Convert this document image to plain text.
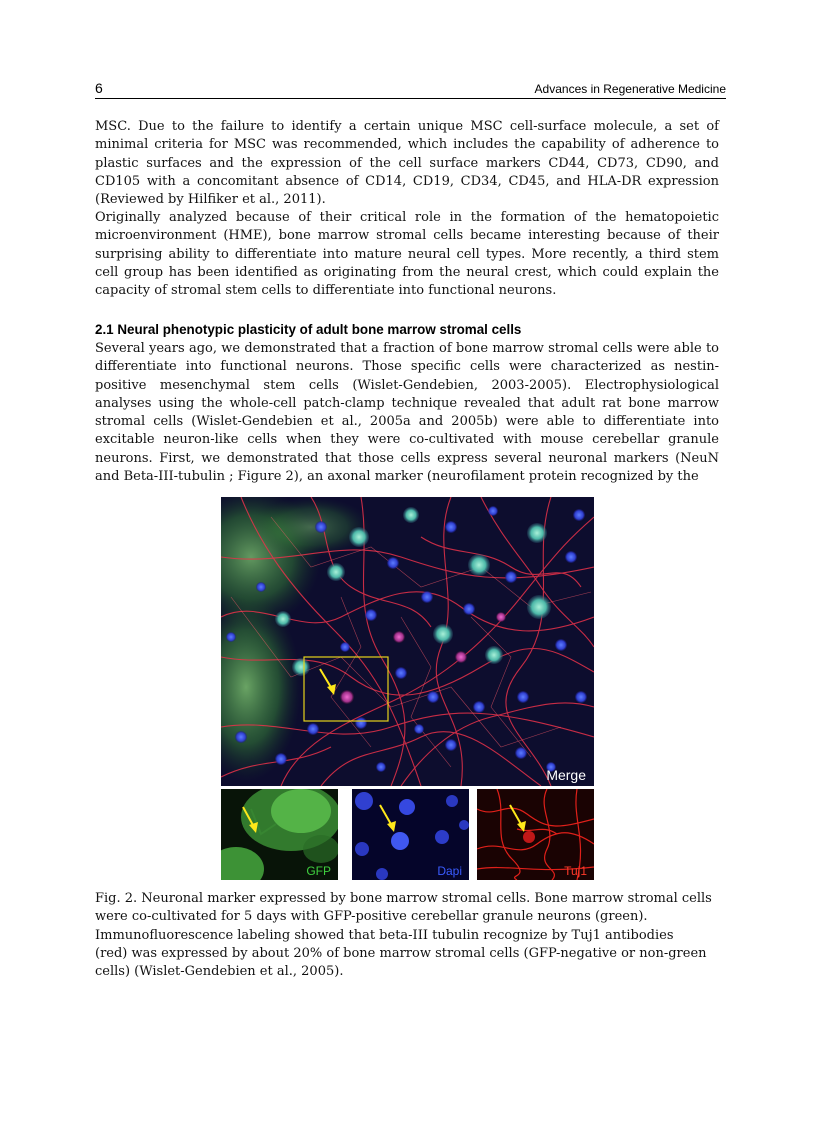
6	Advances in Regenerative Medicine

MSC. Due to the failure to identify a certain unique MSC cell-surface molecule, a set of minimal criteria for MSC was recommended, which includes the capability of adherence to plastic surfaces and the expression of the cell surface markers CD44, CD73, CD90, and CD105 with a concomitant absence of CD14, CD19, CD34, CD45, and HLA-DR expression (Reviewed by Hilfiker et al., 2011).

Originally analyzed because of their critical role in the formation of the hematopoietic microenvironment (HME), bone marrow stromal cells became interesting because of their surprising ability to differentiate into mature neural cell types. More recently, a third stem cell group has been identified as originating from the neural crest, which could explain the capacity of stromal stem cells to differentiate into functional neurons.

2.1 Neural phenotypic plasticity of adult bone marrow stromal cells

Several years ago, we demonstrated that a fraction of bone marrow stromal cells were able to differentiate into functional neurons. Those specific cells were characterized as nestin-positive mesenchymal stem cells (Wislet-Gendebien, 2003-2005). Electrophysiological analyses using the whole-cell patch-clamp technique revealed that adult rat bone marrow stromal cells (Wislet-Gendebien et al., 2005a and 2005b) were able to differentiate into excitable neuron-like cells when they were co-cultivated with mouse cerebellar granule neurons. First, we demonstrated that those cells express several neuronal markers (NeuN and Beta-III-tubulin ; Figure 2), an axonal marker (neurofilament protein recognized by the

Merge
GFP	Dapi	Tuj1

Fig. 2. Neuronal marker expressed by bone marrow stromal cells. Bone marrow stromal cells

were co-cultivated for 5 days with GFP-positive cerebellar granule neurons (green).

Immunofluorescence labeling showed that beta-III tubulin recognize by Tuj1 antibodies

(red) was expressed by about 20% of bone marrow stromal cells (GFP-negative or non-green

cells) (Wislet-Gendebien et al., 2005).
